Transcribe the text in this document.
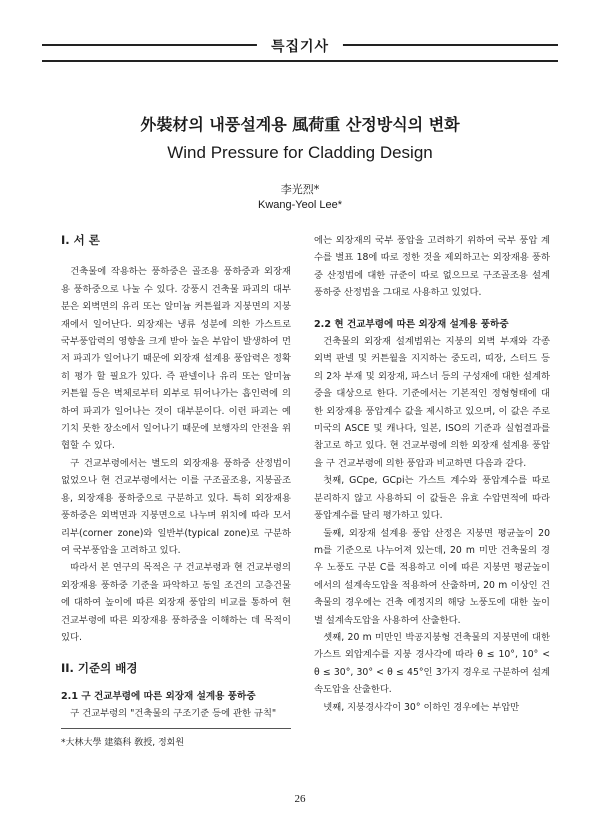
특집기사
外裝材의 내풍설계용 風荷重 산정방식의 변화
Wind Pressure for Cladding Design
李光烈*
Kwang-Yeol Lee*
I. 서 론

건축물에 작용하는 풍하중은 골조용 풍하중과 외장재용 풍하중으로 나눌 수 있다. 강풍시 건축물 파괴의 대부분은 외벽면의 유리 또는 알미늄 커튼월과 지붕면의 지붕재에서 일어난다. 외장재는 냉류 성분에 의한 가스트로 국부풍압력의 영향을 크게 받아 높은 부압이 발생하여 먼저 파괴가 일어나기 때문에 외장재 설계용 풍압력은 정확히 평가 할 필요가 있다. 즉 판넬이나 유리 또는 알미늄 커튼월 등은 벽체로부터 외부로 뒤어나가는 흡인력에 의하여 파괴가 일어나는 것이 대부분이다. 이런 파괴는 예기치 못한 장소에서 일어나기 때문에 보행자의 안전을 위협할 수 있다.

구 건교부령에서는 별도의 외장재용 풍하중 산정법이 없었으나 현 건교부령에서는 이를 구조골조용, 지붕골조용, 외장재용 풍하중으로 구분하고 있다. 특히 외장재용 풍하중은 외벽면과 지붕면으로 나누며 위치에 따라 모서리부(corner zone)와 일반부(typical zone)로 구분하여 국부풍압을 고려하고 있다.

따라서 본 연구의 목적은 구 건교부령과 현 건교부령의 외장재용 풍하중 기준을 파악하고 동일 조건의 고층건물에 대하여 높이에 따른 외장재 풍압의 비교를 통하여 현 건교부령에 따른 외장재용 풍하중을 이해하는 데 목적이 있다.

II. 기준의 배경
2.1 구 건교부령에 따른 외장재 설계용 풍하중

구 건교부령의 "건축물의 구조기준 등에 관한 규칙"

에는 외장재의 국부 풍압을 고려하기 위하여 국부 풍압 계수를 별표 18에 따로 정한 것을 제외하고는 외장재용 풍하중 산정법에 대한 규준이 따로 없으므로 구조골조용 설계 풍하중 산정법을 그대로 사용하고 있었다.

2.2 현 건교부령에 따른 외장재 설계용 풍하중

건축물의 외장재 설계범위는 지붕의 외벽 부재와 각종 외벽 판넬 및 커튼월을 지지하는 중도리, 띠장, 스터드 등의 2차 부재 및 외장재, 파스너 등의 구성재에 대한 설계하중을 대상으로 한다. 기준에서는 기본적인 정형형태에 대한 외장재용 풍압계수 값을 제시하고 있으며, 이 값은 주로 미국의 ASCE 및 캐나다, 일본, ISO의 기준과 실험결과를 참고로 하고 있다. 현 건교부령에 의한 외장재 설계용 풍압을 구 건교부령에 의한 풍압과 비교하면 다음과 같다.

첫째, GCpe, GCpi는 가스트 계수와 풍압계수를 따로 분리하지 않고 사용하되 이 값들은 유효 수압면적에 따라 풍압계수를 달리 평가하고 있다.

둘째, 외장재 설계용 풍압 산정은 지붕면 평균높이 20 m를 기준으로 나누어져 있는데, 20 m 미만 건축물의 경우 노풍도 구분 C를 적용하고 이에 따른 지붕면 평균높이에서의 설계속도압을 적용하여 산출하며, 20 m 이상인 건축물의 경우에는 건축 예정지의 해당 노풍도에 대한 높이별 설계속도압을 사용하여 산출한다.

셋째, 20 m 미만인 박공지붕형 건축물의 지붕면에 대한 가스트 외압계수를 지붕 경사각에 따라 θ ≤ 10°, 10° < θ ≤ 30°, 30° < θ ≤ 45°인 3가지 경우로 구분하여 설계속도압을 산출한다.

넷째, 지붕경사각이 30° 이하인 경우에는 부압만

*大林大學 建築科 敎授, 정회원
26
